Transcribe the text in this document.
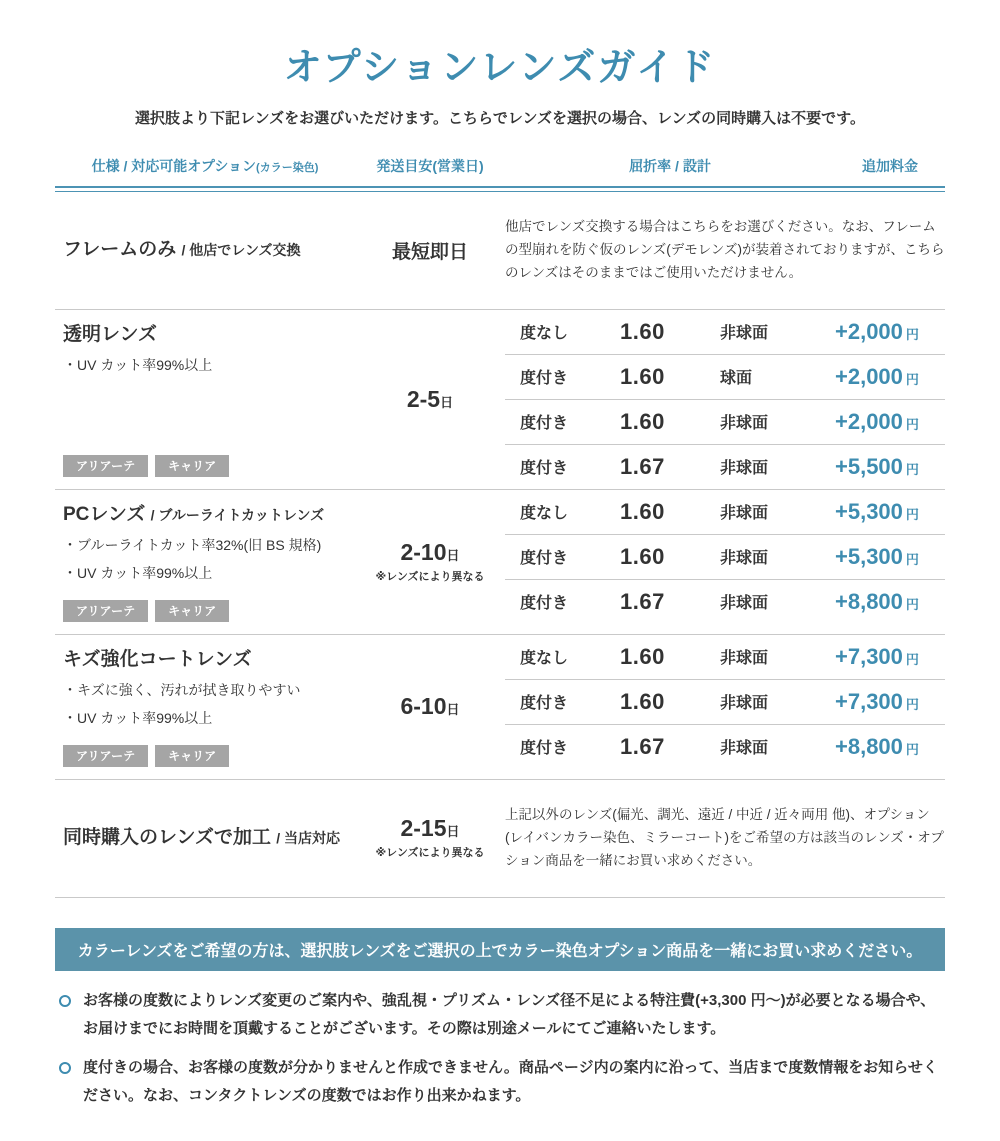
オプションレンズガイド
選択肢より下記レンズをお選びいただけます。こちらでレンズを選択の場合、レンズの同時購入は不要です。
仕様 / 対応可能オプション(カラー染色)	発送目安(営業日)	屈折率 / 設計	追加料金
フレームのみ / 他店でレンズ交換	最短即日
他店でレンズ交換する場合はこちらをお選びください。なお、フレームの型崩れを防ぐ仮のレンズ(デモレンズ)が装着されておりますが、こちらのレンズはそのままではご使用いただけません。
透明レンズ
・UV カット率99%以上
アリアーテ	キャリア
2-5日
度なし	1.60	非球面	+2,000 円
度付き	1.60	球面	+2,000 円
度付き	1.60	非球面	+2,000 円
度付き	1.67	非球面	+5,500 円
PCレンズ / ブルーライトカットレンズ
・ブルーライトカット率32%(旧 BS 規格)
・UV カット率99%以上
アリアーテ	キャリア
2-10日
※レンズにより異なる
度なし	1.60	非球面	+5,300 円
度付き	1.60	非球面	+5,300 円
度付き	1.67	非球面	+8,800 円
キズ強化コートレンズ
・キズに強く、汚れが拭き取りやすい
・UV カット率99%以上
アリアーテ	キャリア
6-10日
度なし	1.60	非球面	+7,300 円
度付き	1.60	非球面	+7,300 円
度付き	1.67	非球面	+8,800 円
同時購入のレンズで加工 / 当店対応	2-15日
※レンズにより異なる
上記以外のレンズ(偏光、調光、遠近 / 中近 / 近々両用 他)、オプション(レイバンカラー染色、ミラーコート)をご希望の方は該当のレンズ・オプション商品を一緒にお買い求めください。
カラーレンズをご希望の方は、選択肢レンズをご選択の上でカラー染色オプション商品を一緒にお買い求めください。
お客様の度数によりレンズ変更のご案内や、強乱視・プリズム・レンズ径不足による特注費(+3,300 円〜)が必要となる場合や、お届けまでにお時間を頂戴することがございます。その際は別途メールにてご連絡いたします。
度付きの場合、お客様の度数が分かりませんと作成できません。商品ページ内の案内に沿って、当店まで度数情報をお知らせください。なお、コンタクトレンズの度数ではお作り出来かねます。
